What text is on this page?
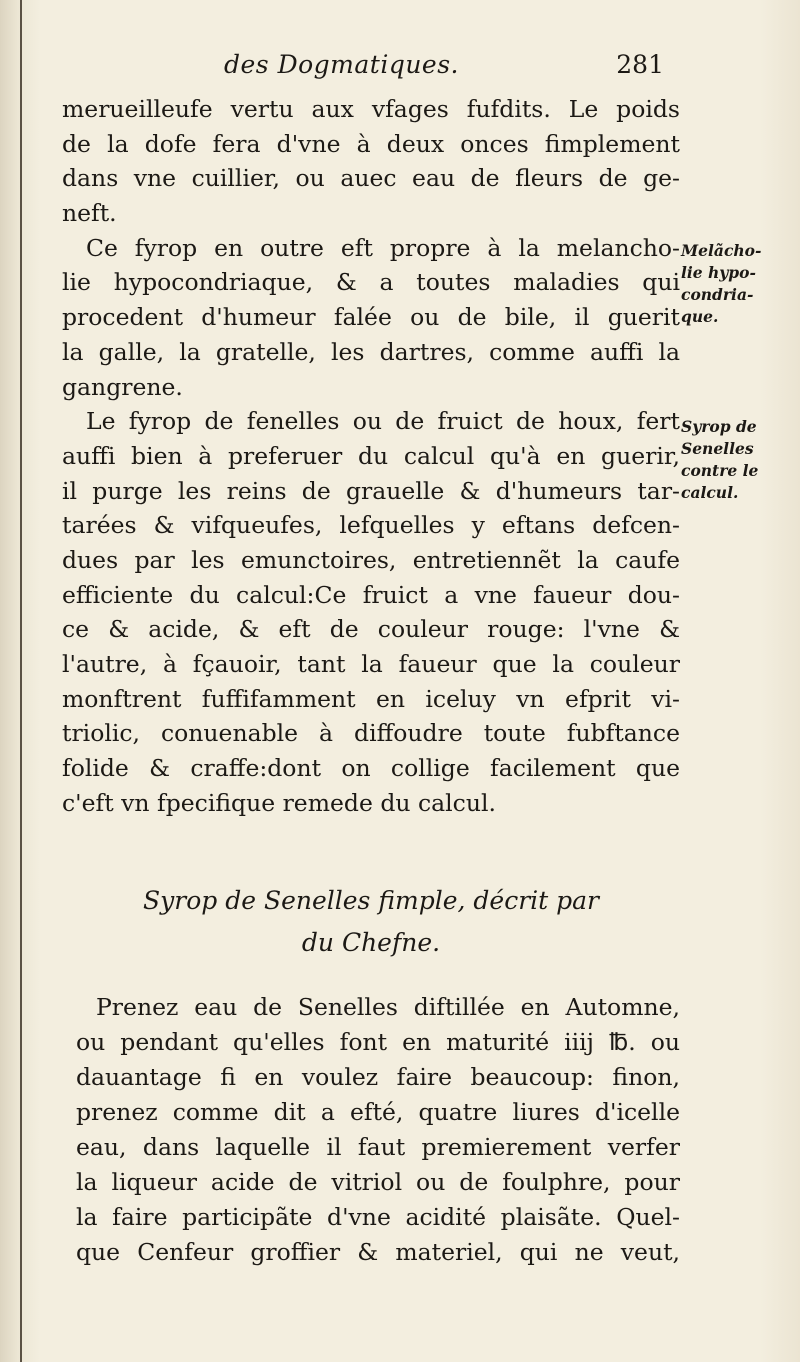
des Dogmatiques.	281
merueilleufe vertu aux vfages fufdits. Le poids
de la dofe fera d'vne à deux onces fimplement
dans vne cuillier, ou auec eau de fleurs de ge-
neft.
Ce fyrop en outre eft propre à la melancho-
lie hypocondriaque, & a toutes maladies qui
procedent d'humeur falée ou de bile, il guerit
la galle, la gratelle, les dartres, comme auffi la
gangrene.
Le fyrop de fenelles ou de fruict de houx, fert
auffi bien à preferuer du calcul qu'à en guerir,
il purge les reins de grauelle & d'humeurs tar-
tarées & vifqueufes, lefquelles y eftans defcen-
dues par les emunctoires, entretiennẽt la caufe
efficiente du calcul:Ce fruict a vne fauеur dou-
ce & acide, & eft de couleur rouge: l'vne &
l'autre, à fçauoir, tant la faueur que la couleur
monftrent fuffifamment en iceluy vn efprit vi-
triolic, conuenable à diffoudre toute fubftance
folide & craffe:dont on collige facilement que
c'eft vn fpecifique remede du calcul.
Melãcho-
lie hypo-
condria-
que.
Syrop de
Senelles
contre le
calcul.
Syrop de Senelles fimple, décrit par
du Chefne.
Prenez eau de Senelles diftillée en Automne,
ou pendant qu'elles font en maturité iiij ℔. ou
dauantage fi en voulez faire beaucoup: finon,
prenez comme dit a efté, quatre liures d'icelle
eau, dans laquelle il faut premierement verfer
la liqueur acide de vitriol ou de foulphre, pour
la faire participãte d'vne acidité plaisãte. Quel-
que Cenfeur groffier & materiel, qui ne veut,
